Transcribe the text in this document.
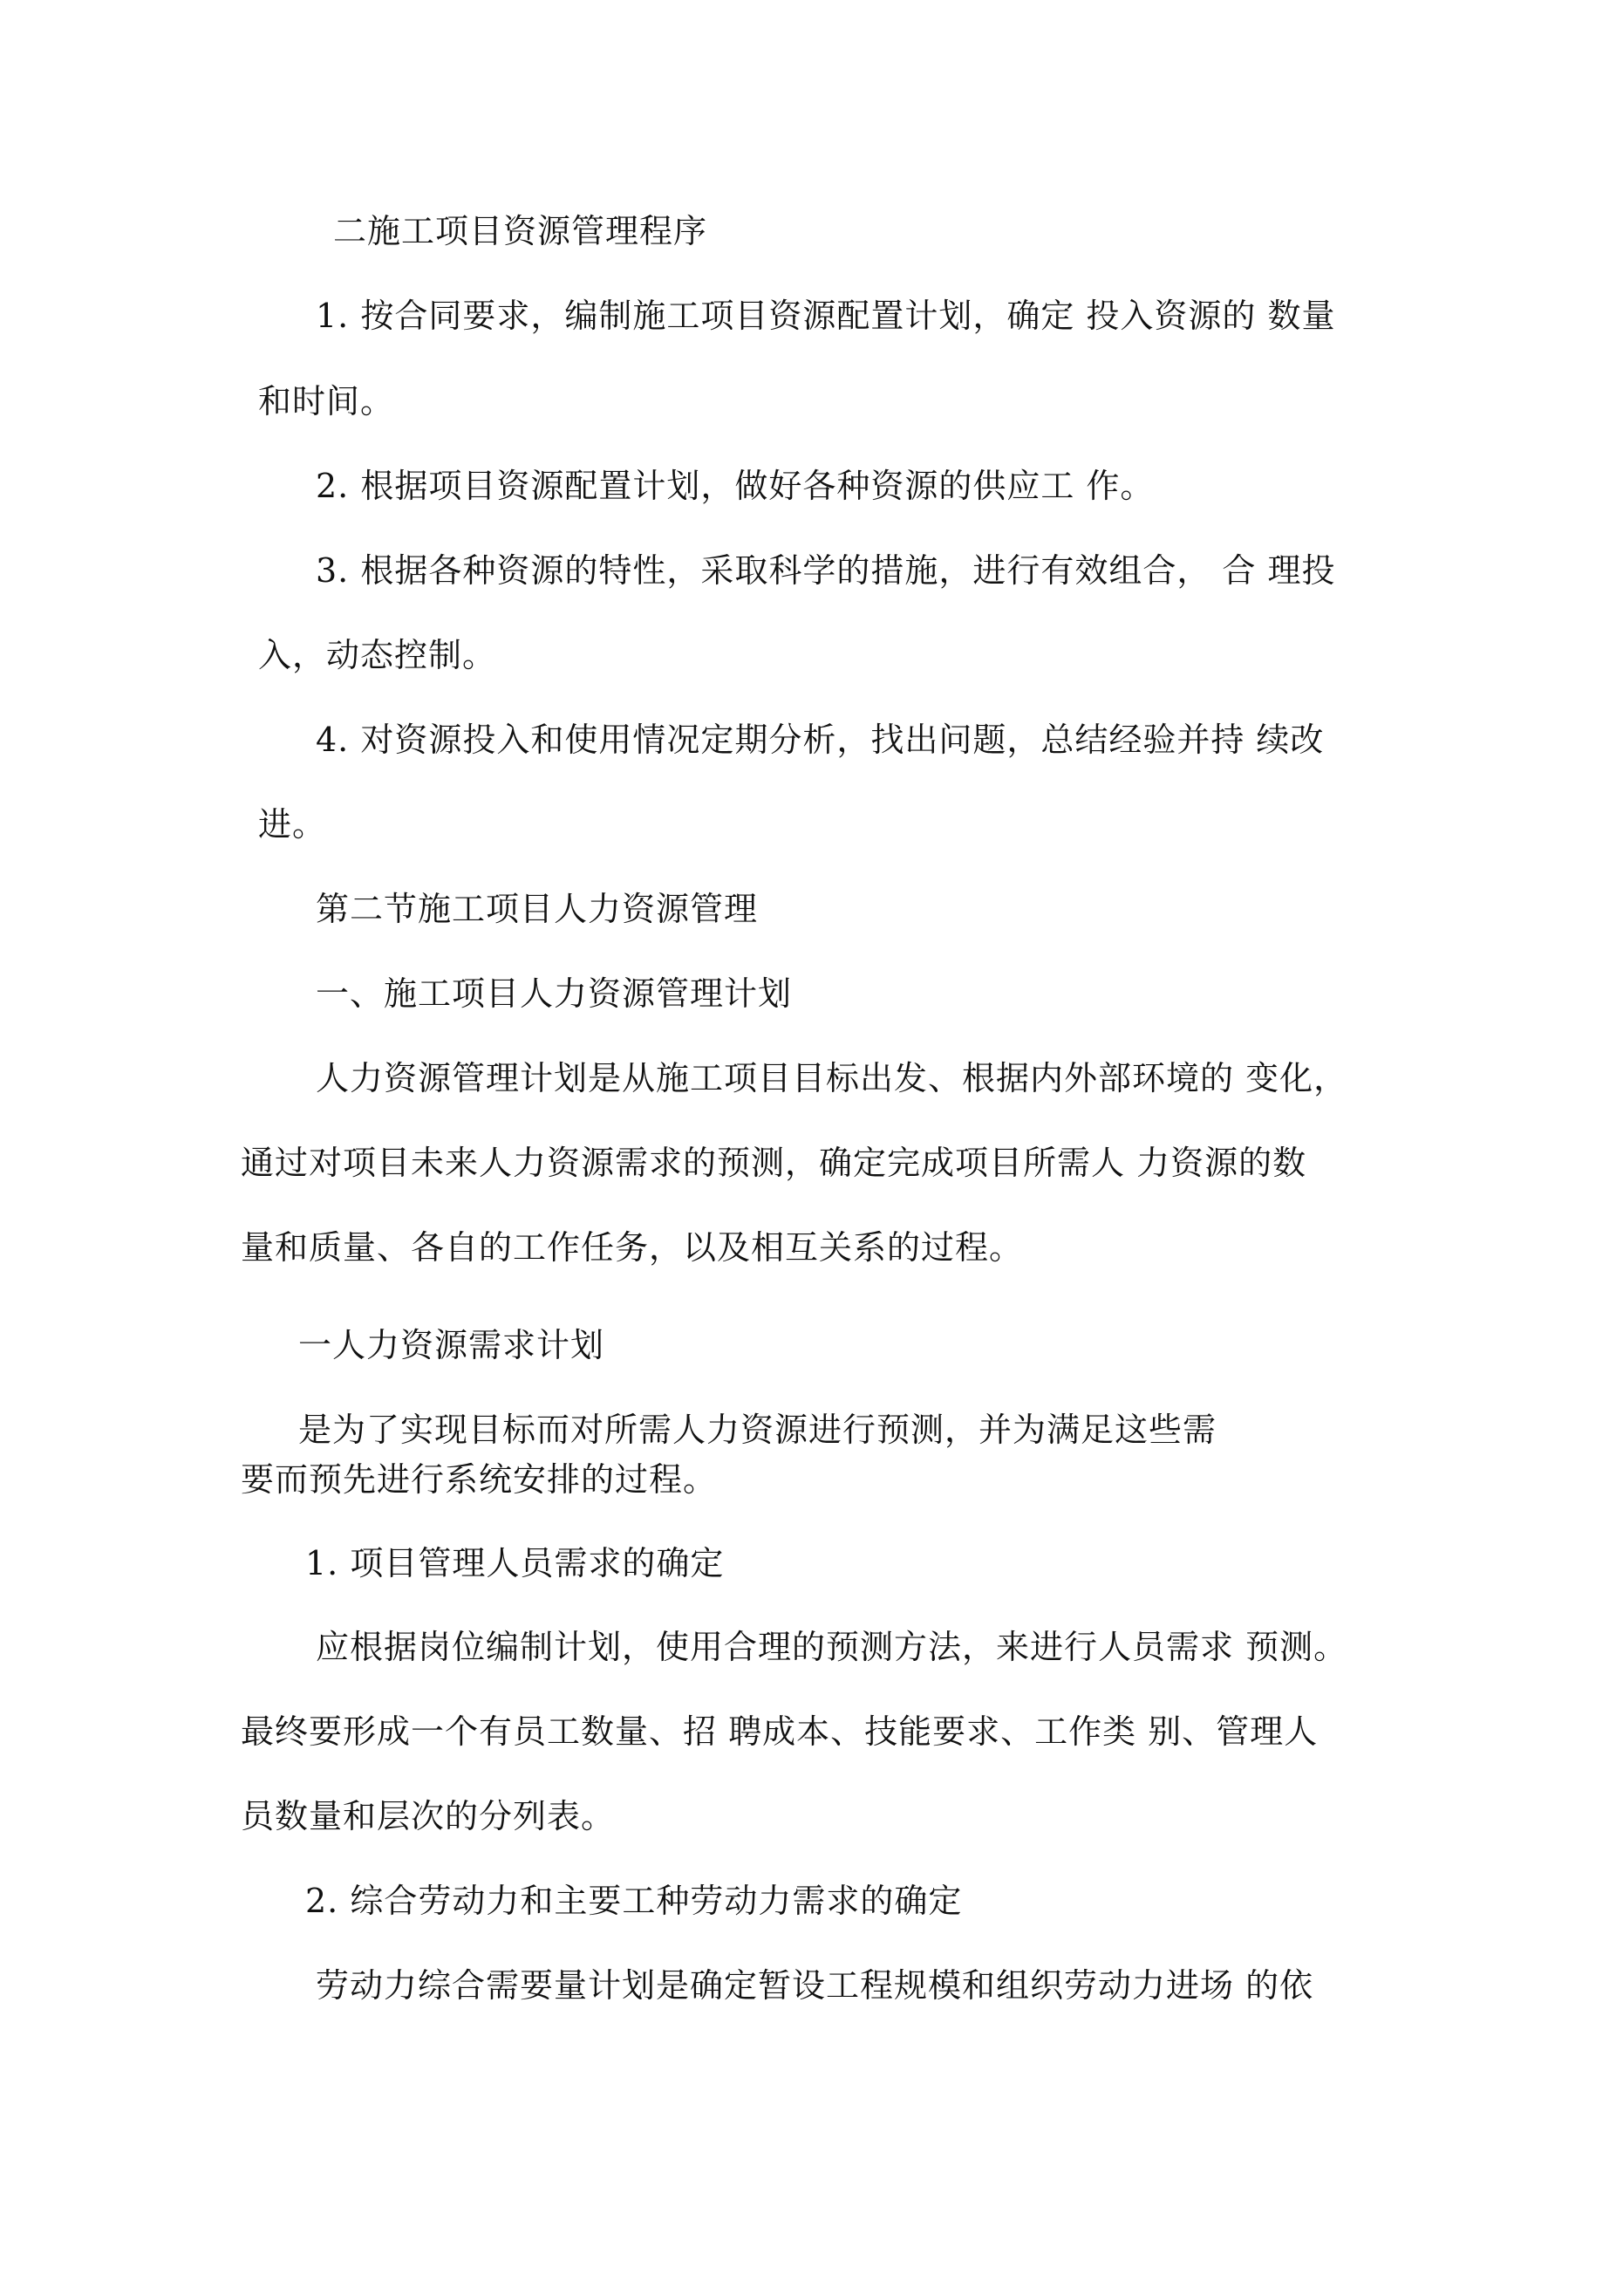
二施工项目资源管理程序
1. 按合同要求，编制施工项目资源配置计划，确定 投入资源的 数量
和时间。
2. 根据项目资源配置计划，做好各种资源的供应工 作。
3. 根据各种资源的特性，采取科学的措施，进行有效组合， 合 理投
入，动态控制。
4. 对资源投入和使用情况定期分析，找出问题，总结经验并持 续改
进。
第二节施工项目人力资源管理
一、施工项目人力资源管理计划
人力资源管理计划是从施工项目目标出发、根据内外部环境的 变化，
通过对项目未来人力资源需求的预测，确定完成项目所需人 力资源的数
量和质量、各自的工作任务，以及相互关系的过程。
一人力资源需求计划
是为了实现目标而对所需人力资源进行预测，并为满足这些需
要而预先进行系统安排的过程。
1. 项目管理人员需求的确定
应根据岗位编制计划，使用合理的预测方法，来进行人员需求 预测。
最终要形成一个有员工数量、招 聘成本、技能要求、工作类 别、管理人
员数量和层次的分列表。
2. 综合劳动力和主要工种劳动力需求的确定
劳动力综合需要量计划是确定暂设工程规模和组织劳动力进场 的依
